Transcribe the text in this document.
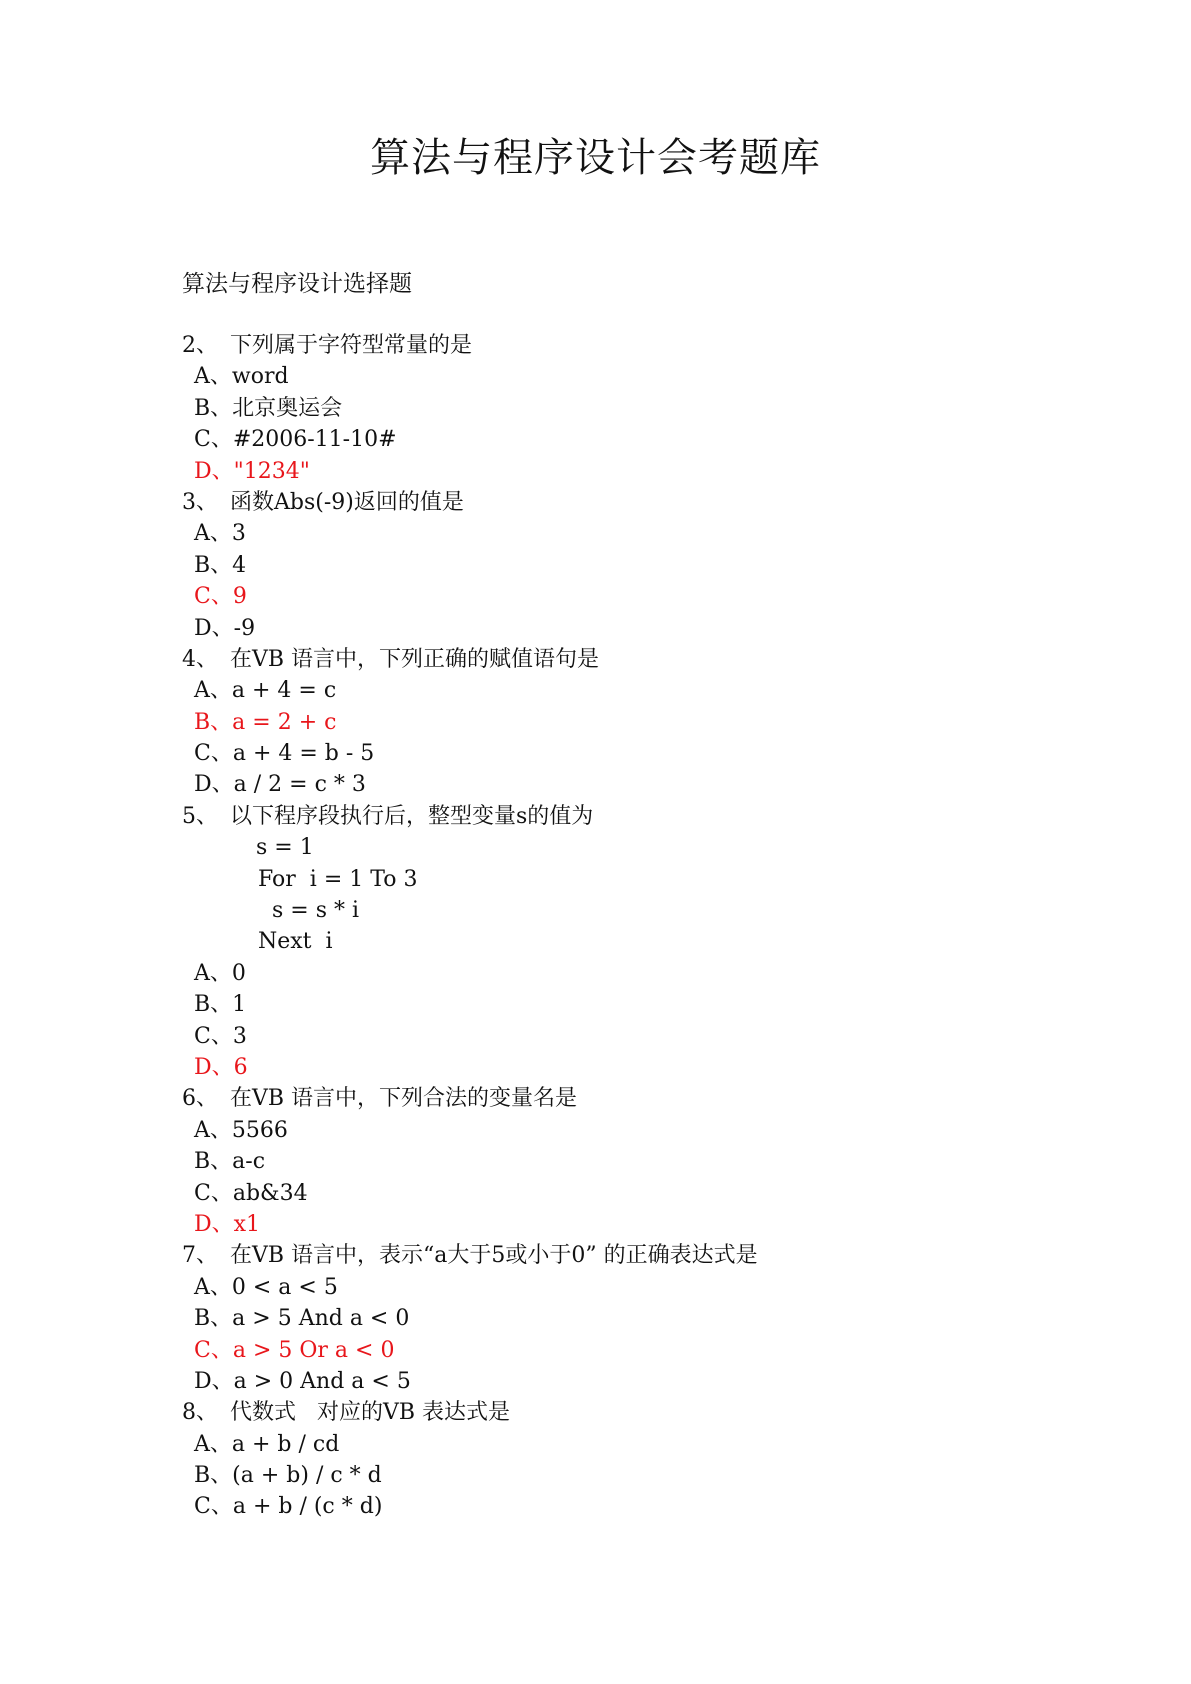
算法与程序设计会考题库
算法与程序设计选择题
2、 下列属于字符型常量的是
A、word
B、北京奥运会
C、#2006-11-10#
D、"1234"
3、 函数Abs(-9)返回的值是
A、3
B、4
C、9
D、-9
4、 在VB 语言中，下列正确的赋值语句是
A、a + 4 = c
B、a = 2 + c
C、a + 4 = b - 5
D、a / 2 = c * 3
5、 以下程序段执行后，整型变量s的值为
s = 1
For  i = 1 To 3
s = s * i
Next  i
A、0
B、1
C、3
D、6
6、 在VB 语言中，下列合法的变量名是
A、5566
B、a-c
C、ab&34
D、x1
7、 在VB 语言中，表示“a大于5或小于0” 的正确表达式是
A、0 < a < 5
B、a > 5 And a < 0
C、a > 5 Or a < 0
D、a > 0 And a < 5
8、 代数式   对应的VB 表达式是
A、a + b / cd
B、(a + b) / c * d
C、a + b / (c * d)
